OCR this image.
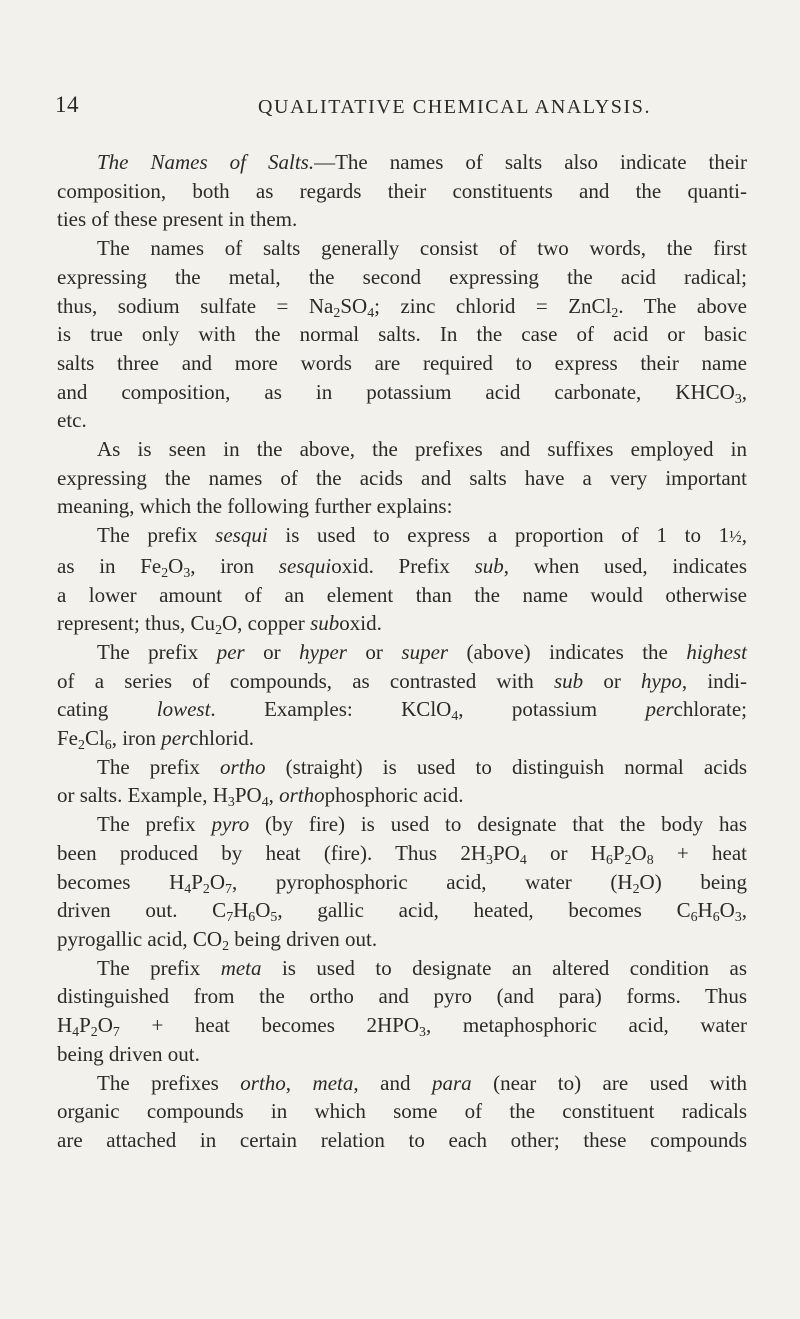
14	QUALITATIVE CHEMICAL ANALYSIS.
The Names of Salts.—The names of salts also indicate their
composition, both as regards their constituents and the quanti-
ties of these present in them.
The names of salts generally consist of two words, the first
expressing the metal, the second expressing the acid radical;
thus, sodium sulfate = $Na_2SO_4$; zinc chlorid = ZnCl$_2$. The above
is true only with the normal salts. In the case of acid or basic
salts three and more words are required to express their name
and composition, as in potassium acid carbonate, $KHCO_3$,
etc.
As is seen in the above, the prefixes and suffixes employed in
expressing the names of the acids and salts have a very important
meaning, which the following further explains:
The prefix sesqui is used to express a proportion of 1 to 1½,
as in $Fe_2O_3$, iron sesquioxid. Prefix sub, when used, indicates
a lower amount of an element than the name would otherwise
represent; thus, $Cu_2O$, copper suboxid.
The prefix per or hyper or super (above) indicates the highest
of a series of compounds, as contrasted with sub or hypo, indi-
cating lowest. Examples: KClO$_4$, potassium perchlorate;
$Fe_2Cl_6$, iron perchlorid.
The prefix ortho (straight) is used to distinguish normal acids
or salts. Example, $H_3PO_4$, orthophosphoric acid.
The prefix pyro (by fire) is used to designate that the body has
been produced by heat (fire). Thus $2H_3PO_4$ or $H_6P_2O_8$ + heat
becomes $H_4P_2O_7$, pyrophosphoric acid, water $(H_2O)$ being
driven out. $C_7H_6O_5$, gallic acid, heated, becomes $C_6H_6O_3$,
pyrogallic acid, $CO_2$ being driven out.
The prefix meta is used to designate an altered condition as
distinguished from the ortho and pyro (and para) forms. Thus
$H_4P_2O_7$ + heat becomes $2HPO_3$, metaphosphoric acid, water
being driven out.
The prefixes ortho, meta, and para (near to) are used with
organic compounds in which some of the constituent radicals
are attached in certain relation to each other; these compounds
